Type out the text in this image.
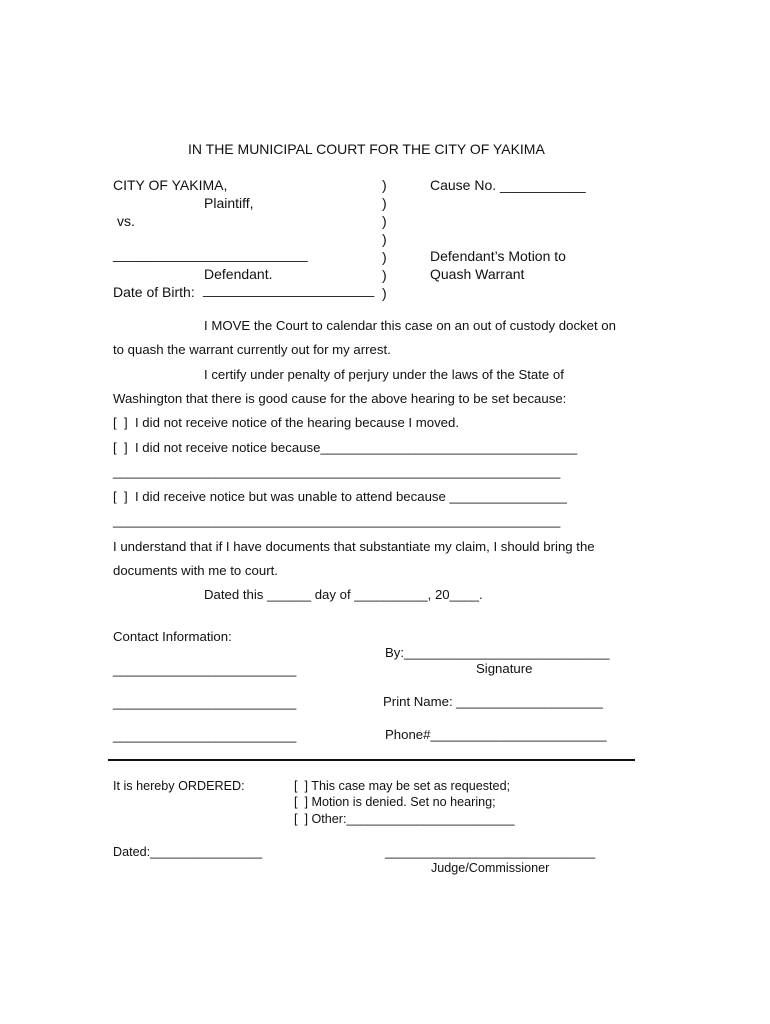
IN THE MUNICIPAL COURT FOR THE CITY OF YAKIMA
CITY OF YAKIMA,
Plaintiff,
vs.
_________________________
Defendant.
Date of Birth: ______________________
)
)
)
)
)
)
)
Cause No. ___________
Defendant’s Motion to
Quash Warrant
I MOVE the Court to calendar this case on an out of custody docket on
to quash the warrant currently out for my arrest.
I certify under penalty of perjury under the laws of the State of
Washington that there is good cause for the above hearing to be set because:
[  ]  I did not receive notice of the hearing because I moved.
[  ]  I did not receive notice because___________________________________
_____________________________________________________________
[  ]  I did receive notice but was unable to attend because ________________
_____________________________________________________________
I understand that if I have documents that substantiate my claim, I should bring the
documents with me to court.
Dated this ______ day of __________, 20____.
Contact Information:
_________________________
_________________________
_________________________
By:____________________________
Signature
Print Name: ____________________
Phone#________________________
It is hereby ORDERED:	[  ] This case may be set as requested;
[  ] Motion is denied. Set no hearing;
[  ] Other:________________________
Dated:________________	______________________________
Judge/Commissioner
